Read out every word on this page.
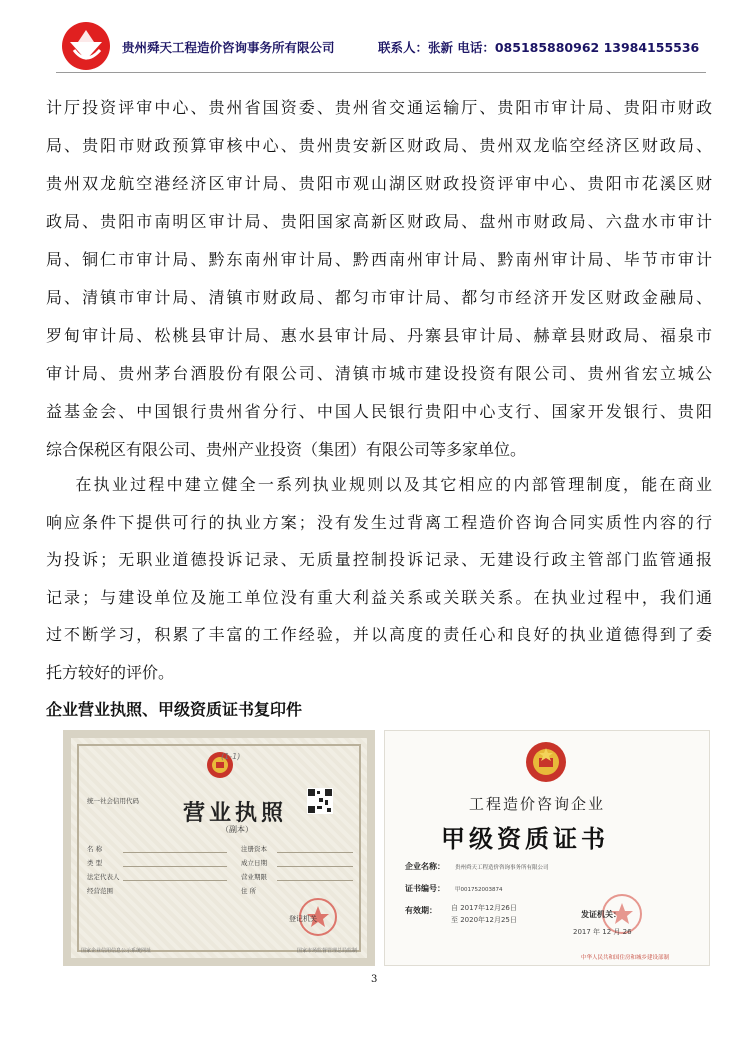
贵州舜天工程造价咨询事务所有限公司	联系人：张新 电话：085185880962 13984155536
计厅投资评审中心、贵州省国资委、贵州省交通运输厅、贵阳市审计局、贵阳市财政
局、贵阳市财政预算审核中心、贵州贵安新区财政局、贵州双龙临空经济区财政局、
贵州双龙航空港经济区审计局、贵阳市观山湖区财政投资评审中心、贵阳市花溪区财
政局、贵阳市南明区审计局、贵阳国家高新区财政局、盘州市财政局、六盘水市审计
局、铜仁市审计局、黔东南州审计局、黔西南州审计局、黔南州审计局、毕节市审计
局、清镇市审计局、清镇市财政局、都匀市审计局、都匀市经济开发区财政金融局、
罗甸审计局、松桃县审计局、惠水县审计局、丹寨县审计局、赫章县财政局、福泉市
审计局、贵州茅台酒股份有限公司、清镇市城市建设投资有限公司、贵州省宏立城公
益基金会、中国银行贵州省分行、中国人民银行贵阳中心支行、国家开发银行、贵阳
综合保税区有限公司、贵州产业投资（集团）有限公司等多家单位。
在执业过程中建立健全一系列执业规则以及其它相应的内部管理制度，能在商业
响应条件下提供可行的执业方案；没有发生过背离工程造价咨询合同实质性内容的行
为投诉；无职业道德投诉记录、无质量控制投诉记录、无建设行政主管部门监管通报
记录；与建设单位及施工单位没有重大利益关系或关联关系。在执业过程中，我们通
过不断学习，积累了丰富的工作经验，并以高度的责任心和良好的执业道德得到了委
托方较好的评价。
企业营业执照、甲级资质证书复印件
(1-1)
统一社会信用代码 营业执照
（副本）
名 称
类 型
法定代表人
经营范围
注册资本
成立日期
营业期限
住 所
登记机关
国家企业信用信息公示系统网址	国家市场监督管理总局监制
工程造价咨询企业
甲级资质证书
企业名称： 贵州舜天工程造价咨询事务所有限公司
证书编号： 甲001752003874
有效期： 自 2017年12月26日
至 2020年12月25日
发证机关：
2017 年 12 月 26
中华人民共和国住房和城乡建设部制
3
